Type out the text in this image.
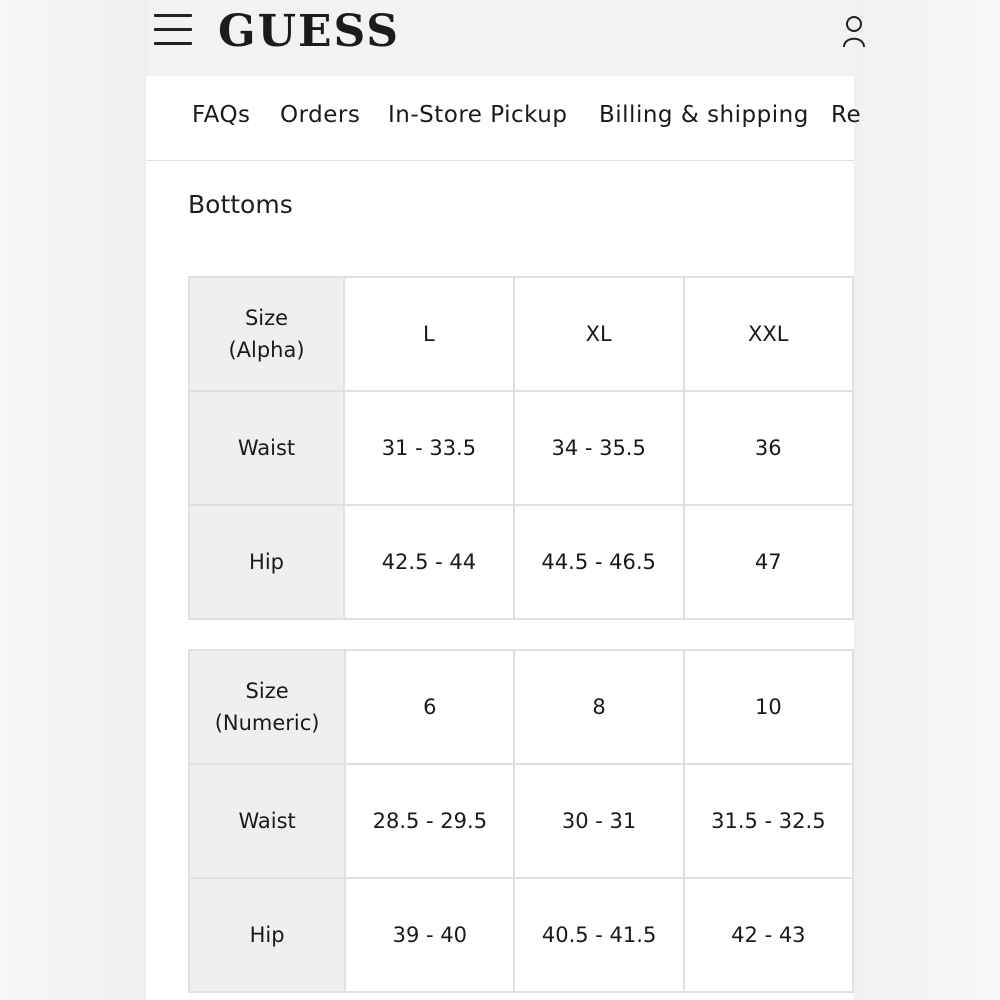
GUESS
FAQs Orders In-Store Pickup Billing & shipping Re
Bottoms
Size
(Alpha)	L	XL	XXL
Waist	31 - 33.5	34 - 35.5	36
Hip	42.5 - 44	44.5 - 46.5	47
Size
(Numeric)	6	8	10
Waist	28.5 - 29.5	30 - 31	31.5 - 32.5
Hip	39 - 40	40.5 - 41.5	42 - 43
